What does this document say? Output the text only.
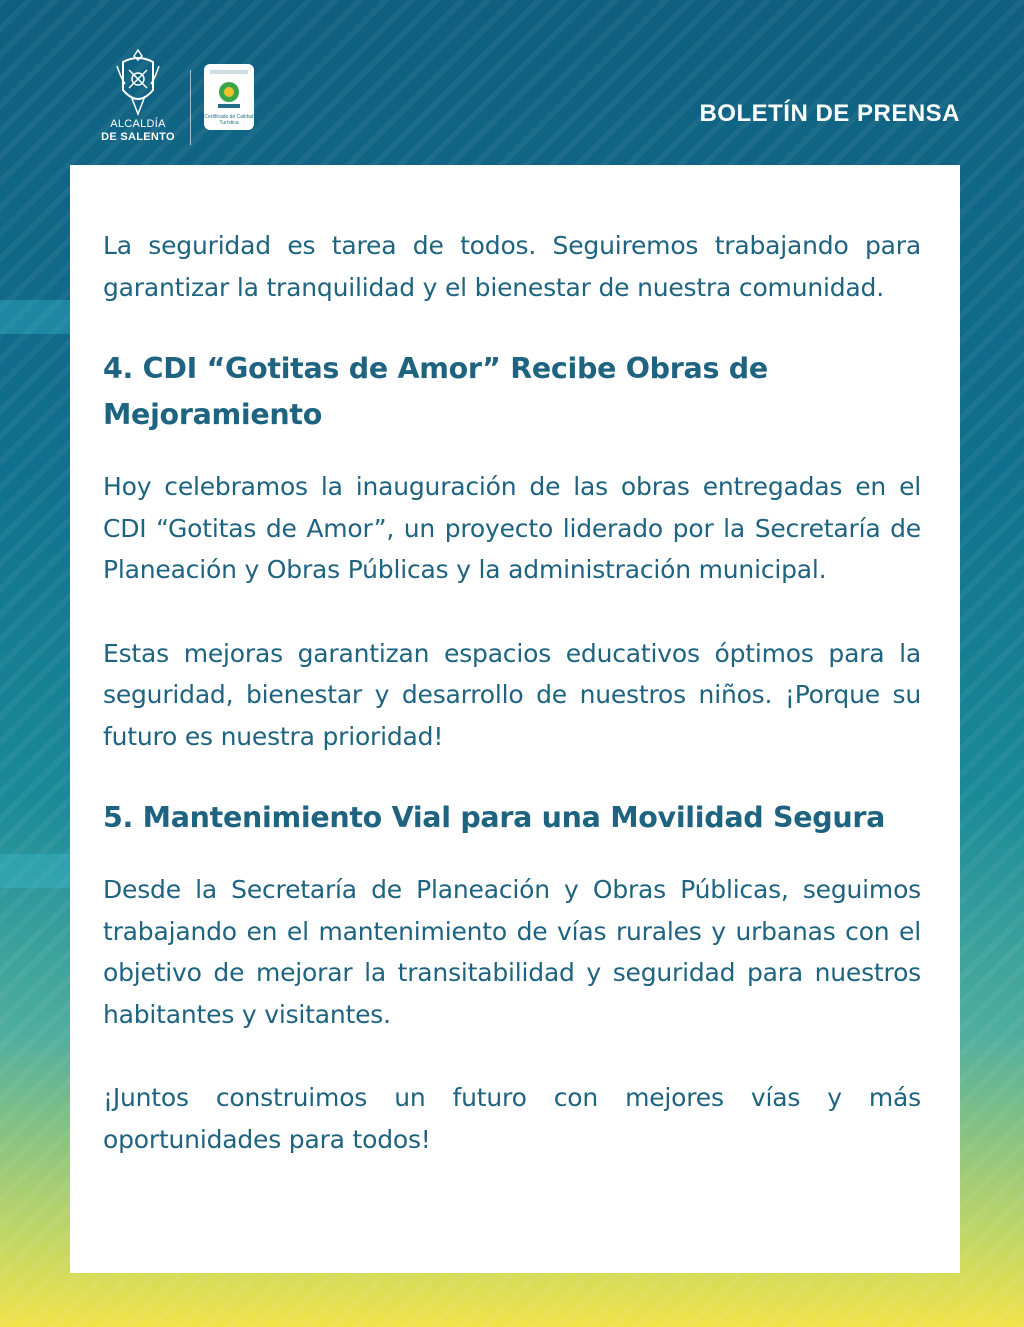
ALCALDÍA
DE SALENTO
Certificado de Calidad Turística	BOLETÍN DE PRENSA

La seguridad es tarea de todos. Seguiremos trabajando para garantizar la tranquilidad y el bienestar de nuestra comunidad.

4. CDI “Gotitas de Amor” Recibe Obras de Mejoramiento

Hoy celebramos la inauguración de las obras entregadas en el CDI “Gotitas de Amor”, un proyecto liderado por la Secretaría de Planeación y Obras Públicas y la administración municipal.

Estas mejoras garantizan espacios educativos óptimos para la seguridad, bienestar y desarrollo de nuestros niños. ¡Porque su futuro es nuestra prioridad!

5. Mantenimiento Vial para una Movilidad Segura

Desde la Secretaría de Planeación y Obras Públicas, seguimos trabajando en el mantenimiento de vías rurales y urbanas con el objetivo de mejorar la transitabilidad y seguridad para nuestros habitantes y visitantes.

¡Juntos construimos un futuro con mejores vías y más oportunidades para todos!
